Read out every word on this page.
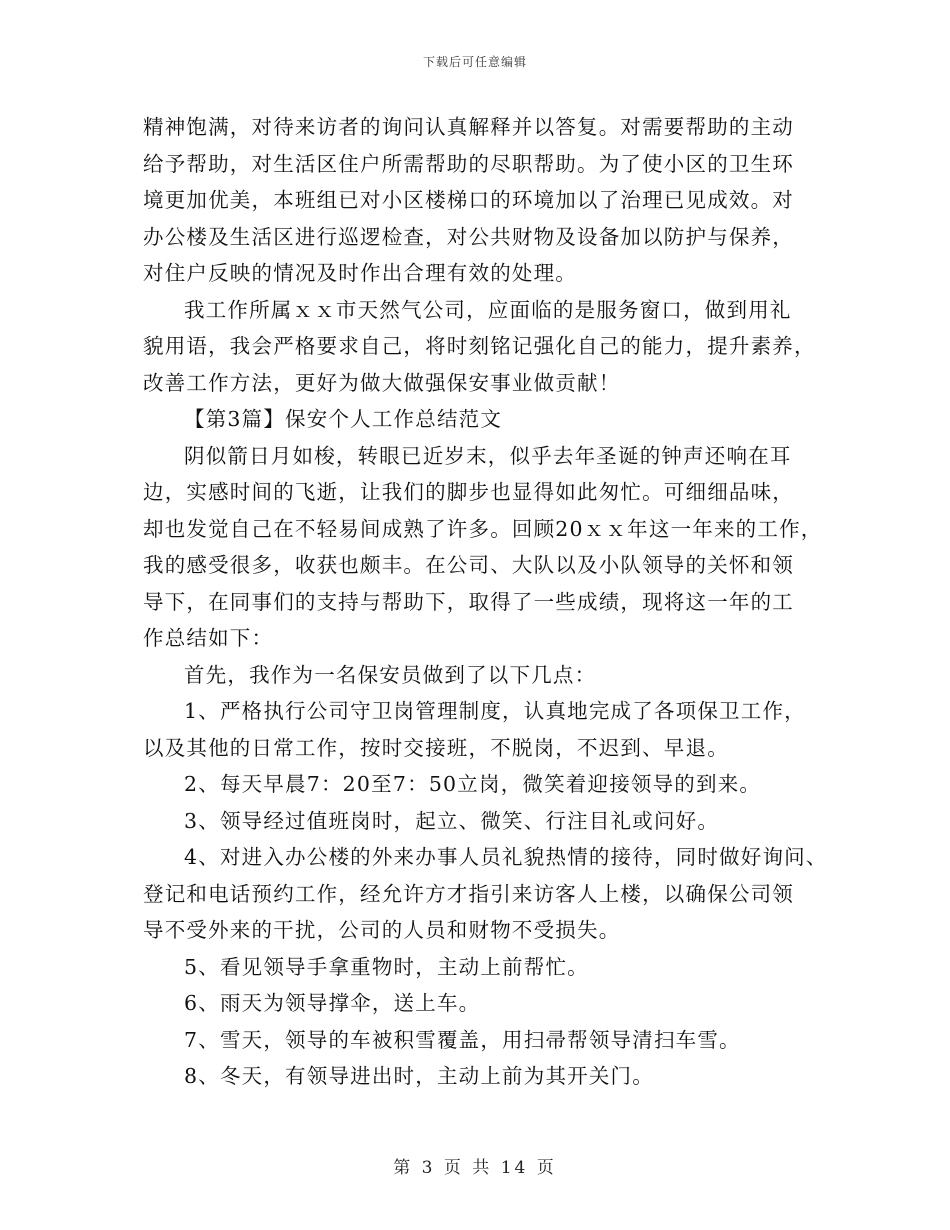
下载后可任意编辑

精神饱满，对待来访者的询问认真解释并以答复。对需要帮助的主动
给予帮助，对生活区住户所需帮助的尽职帮助。为了使小区的卫生环
境更加优美，本班组已对小区楼梯口的环境加以了治理已见成效。对
办公楼及生活区进行巡逻检查，对公共财物及设备加以防护与保养，
对住户反映的情况及时作出合理有效的处理。
我工作所属ｘｘ市天然气公司，应面临的是服务窗口，做到用礼
貌用语，我会严格要求自己，将时刻铭记强化自己的能力，提升素养，
改善工作方法，更好为做大做强保安事业做贡献！
【第3篇】保安个人工作总结范文
阴似箭日月如梭，转眼已近岁末，似乎去年圣诞的钟声还响在耳
边，实感时间的飞逝，让我们的脚步也显得如此匆忙。可细细品味，
却也发觉自己在不轻易间成熟了许多。回顾20ｘｘ年这一年来的工作，
我的感受很多，收获也颇丰。在公司、大队以及小队领导的关怀和领
导下，在同事们的支持与帮助下，取得了一些成绩，现将这一年的工
作总结如下：
首先，我作为一名保安员做到了以下几点：
1、严格执行公司守卫岗管理制度，认真地完成了各项保卫工作，
以及其他的日常工作，按时交接班，不脱岗，不迟到、早退。
2、每天早晨7：20至7：50立岗，微笑着迎接领导的到来。
3、领导经过值班岗时，起立、微笑、行注目礼或问好。
4、对进入办公楼的外来办事人员礼貌热情的接待，同时做好询问、
登记和电话预约工作，经允许方才指引来访客人上楼，以确保公司领
导不受外来的干扰，公司的人员和财物不受损失。
5、看见领导手拿重物时，主动上前帮忙。
6、雨天为领导撑伞，送上车。
7、雪天，领导的车被积雪覆盖，用扫帚帮领导清扫车雪。
8、冬天，有领导进出时，主动上前为其开关门。

第 3 页 共 14 页
